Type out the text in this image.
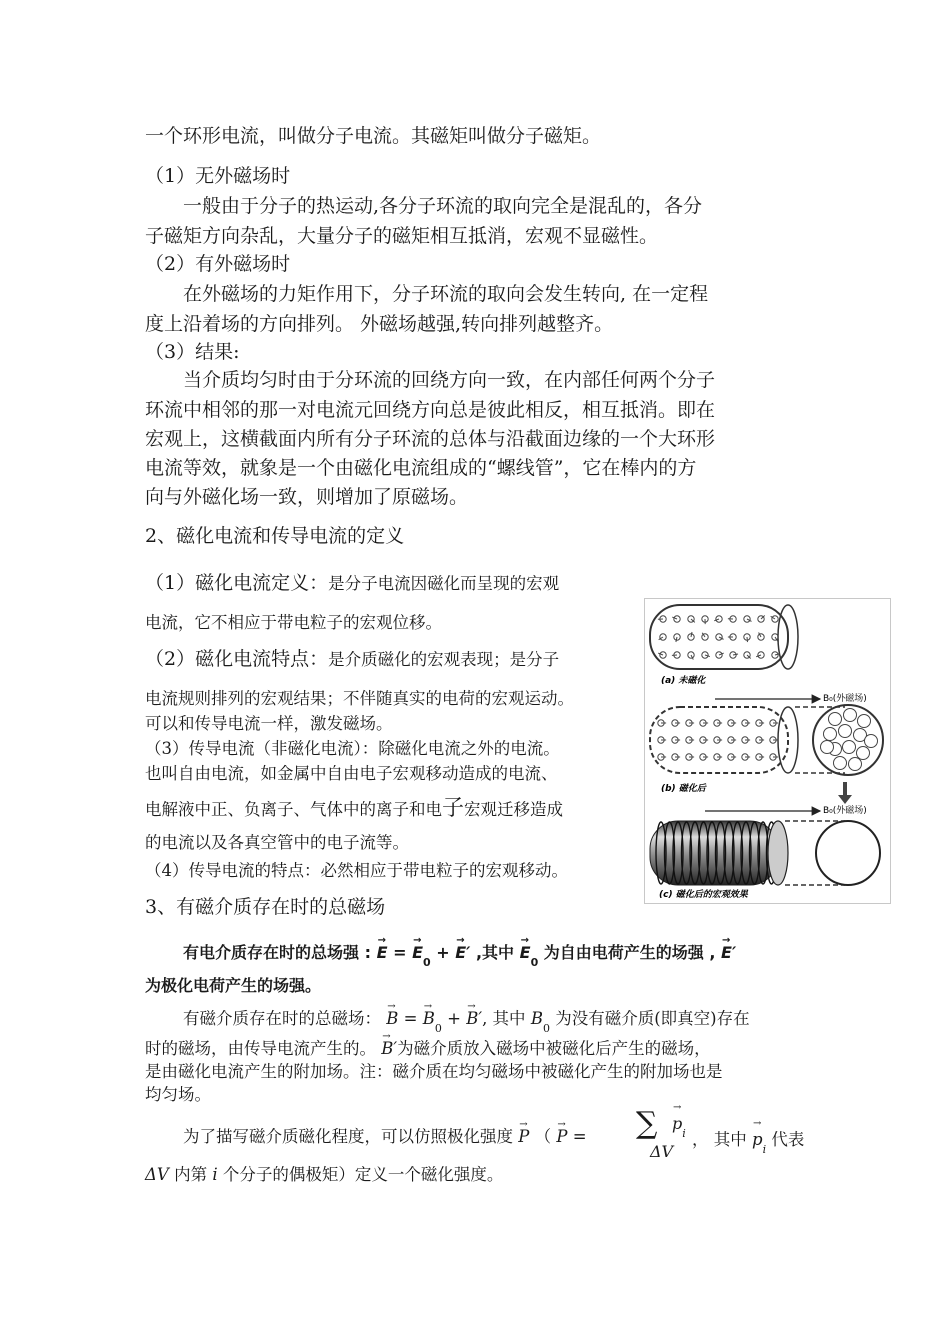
一个环形电流，叫做分子电流。其磁矩叫做分子磁矩。
（1）无外磁场时
一般由于分子的热运动,各分子环流的取向完全是混乱的，各分
子磁矩方向杂乱，大量分子的磁矩相互抵消，宏观不显磁性。
（2）有外磁场时
在外磁场的力矩作用下，分子环流的取向会发生转向, 在一定程
度上沿着场的方向排列。 外磁场越强,转向排列越整齐。
（3）结果:
当介质均匀时由于分环流的回绕方向一致，在内部任何两个分子
环流中相邻的那一对电流元回绕方向总是彼此相反，相互抵消。即在
宏观上，这横截面内所有分子环流的总体与沿截面边缘的一个大环形
电流等效，就象是一个由磁化电流组成的“螺线管”，它在棒内的方
向与外磁化场一致，则增加了原磁场。
2、磁化电流和传导电流的定义
（1）磁化电流定义：是分子电流因磁化而呈现的宏观
电流，它不相应于带电粒子的宏观位移。
（2）磁化电流特点：是介质磁化的宏观表现；是分子
电流规则排列的宏观结果；不伴随真实的电荷的宏观运动。
可以和传导电流一样，激发磁场。
（3）传导电流（非磁化电流）：除磁化电流之外的电流。
也叫自由电流，如金属中自由电子宏观移动造成的电流、
电解液中正、负离子、气体中的离子和电子宏观迁移造成
的电流以及各真空管中的电子流等。
（4）传导电流的特点：必然相应于带电粒子的宏观移动。
3、有磁介质存在时的总磁场
有电介质存在时的总场强 : → E = → $E_0$ + → E′ ,其中 → $E_0$ 为自由电荷产生的场强 , → E′
为极化电荷产生的场强。
有磁介质存在时的总磁场： → B = → $B_0$ + → B′, 其中 $B_0$ 为没有磁介质(即真空)存在
时的磁场，由传导电流产生的。 → B′为磁介质放入磁场中被磁化后产生的磁场，
是由磁化电流产生的附加场。注：磁介质在均匀磁场中被磁化产生的附加场也是
均匀场。
为了描写磁介质磁化程度，可以仿照极化强度 → P （ → P = ∑ → $p_i$
ΔV
， 其中 → $p_i$ 代表
ΔV 内第 i 个分子的偶极矩）定义一个磁化强度。
(a) 未磁化
B₀(外磁场)
(b) 磁化后
B₀(外磁场)
(c) 磁化后的宏观效果
